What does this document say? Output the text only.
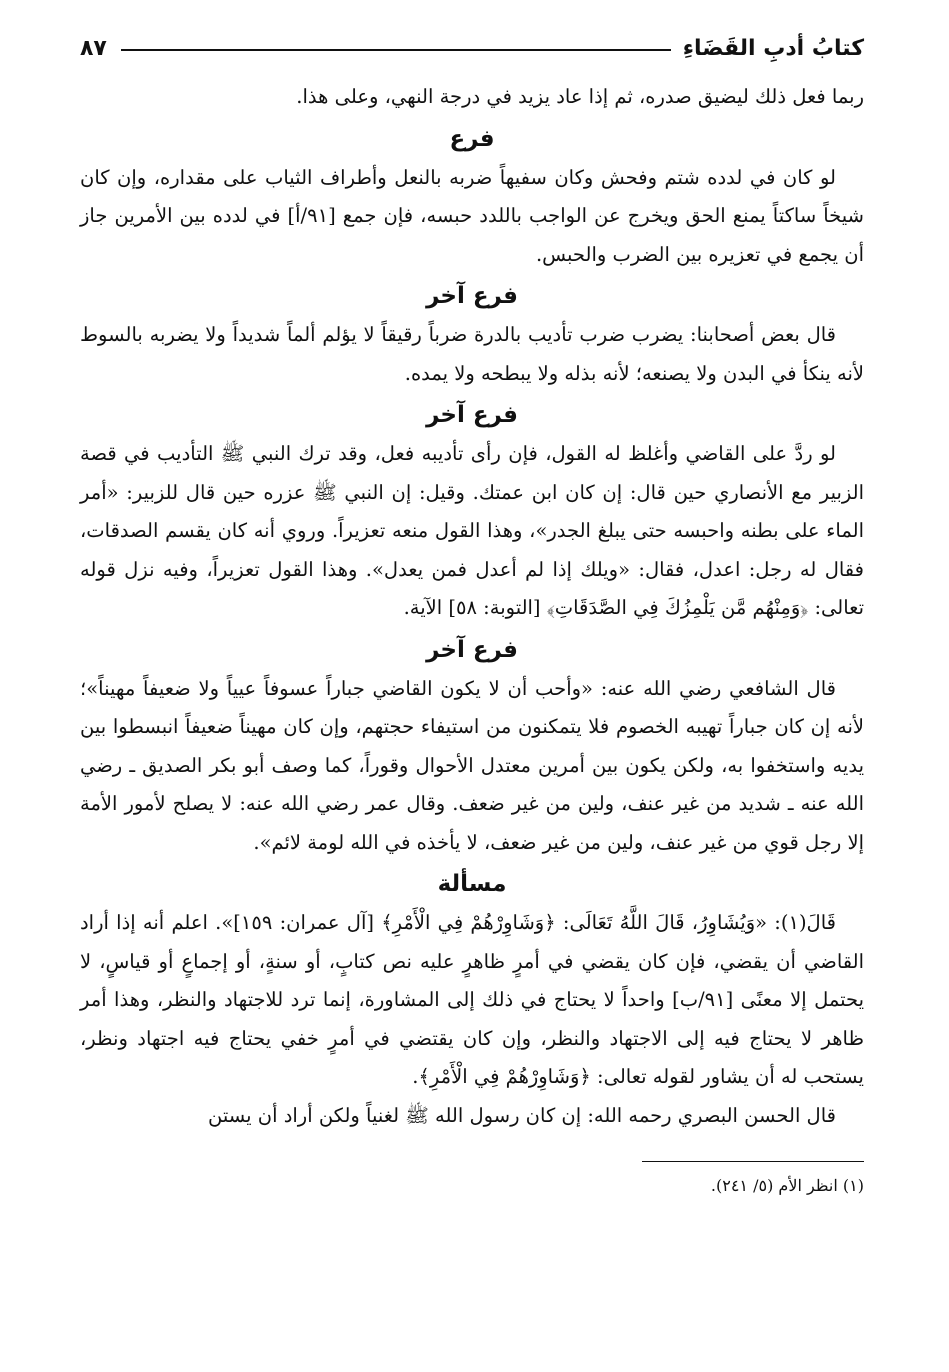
كتابُ أدبِ القَضَاءِ
٨٧

ربما فعل ذلك ليضيق صدره، ثم إذا عاد يزيد في درجة النهي، وعلى هذا.

فرع

لو كان في لدده شتم وفحش وكان سفيهاً ضربه بالنعل وأطراف الثياب على مقداره، وإن كان شيخاً ساكتاً يمنع الحق ويخرج عن الواجب باللدد حبسه، فإن جمع [٩١/أ] في لدده بين الأمرين جاز أن يجمع في تعزيره بين الضرب والحبس.

فرع آخر

قال بعض أصحابنا: يضرب ضرب تأديب بالدرة ضرباً رقيقاً لا يؤلم ألماً شديداً ولا يضربه بالسوط لأنه ينكأ في البدن ولا يصنعه؛ لأنه بذله ولا يبطحه ولا يمده.

فرع آخر

لو ردَّ على القاضي وأغلظ له القول، فإن رأى تأديبه فعل، وقد ترك النبي ﷺ التأديب في قصة الزبير مع الأنصاري حين قال: إن كان ابن عمتك. وقيل: إن النبي ﷺ عزره حين قال للزبير: «أمر الماء على بطنه واحبسه حتى يبلغ الجدر»، وهذا القول منعه تعزيراً. وروي أنه كان يقسم الصدقات، فقال له رجل: اعدل، فقال: «ويلك إذا لم أعدل فمن يعدل». وهذا القول تعزيراً، وفيه نزل قوله تعالى: ﴿وَمِنْهُم مَّن يَلْمِزُكَ فِي الصَّدَقَاتِ﴾ [التوبة: ٥٨] الآية.

فرع آخر

قال الشافعي رضي الله عنه: «وأحب أن لا يكون القاضي جباراً عسوفاً عيياً ولا ضعيفاً مهيناً»؛ لأنه إن كان جباراً تهيبه الخصوم فلا يتمكنون من استيفاء حجتهم، وإن كان مهيناً ضعيفاً انبسطوا بين يديه واستخفوا به، ولكن يكون بين أمرين معتدل الأحوال وقوراً، كما وصف أبو بكر الصديق ـ رضي الله عنه ـ شديد من غير عنف، ولين من غير ضعف. وقال عمر رضي الله عنه: لا يصلح لأمور الأمة إلا رجل قوي من غير عنف، ولين من غير ضعف، لا يأخذه في الله لومة لائم».

مسألة

قَالَ(١): «وَيُشَاوِرُ، قَالَ اللَّهُ تَعَالَى: ﴿وَشَاوِرْهُمْ فِي الْأَمْرِ﴾ [آل عمران: ١٥٩]». اعلم أنه إذا أراد القاضي أن يقضي، فإن كان يقضي في أمرٍ ظاهرٍ عليه نص كتابٍ، أو سنةٍ، أو إجماعٍ أو قياسٍ، لا يحتمل إلا معنًى [٩١/ب] واحداً لا يحتاج في ذلك إلى المشاورة، إنما ترد للاجتهاد والنظر، وهذا أمر ظاهر لا يحتاج فيه إلى الاجتهاد والنظر، وإن كان يقتضي في أمرٍ خفي يحتاج فيه اجتهاد ونظر، يستحب له أن يشاور لقوله تعالى: ﴿وَشَاوِرْهُمْ فِي الْأَمْرِ﴾.

قال الحسن البصري رحمه الله: إن كان رسول الله ﷺ لغنياً ولكن أراد أن يستن

(١) انظر الأم (٥/ ٢٤١).
